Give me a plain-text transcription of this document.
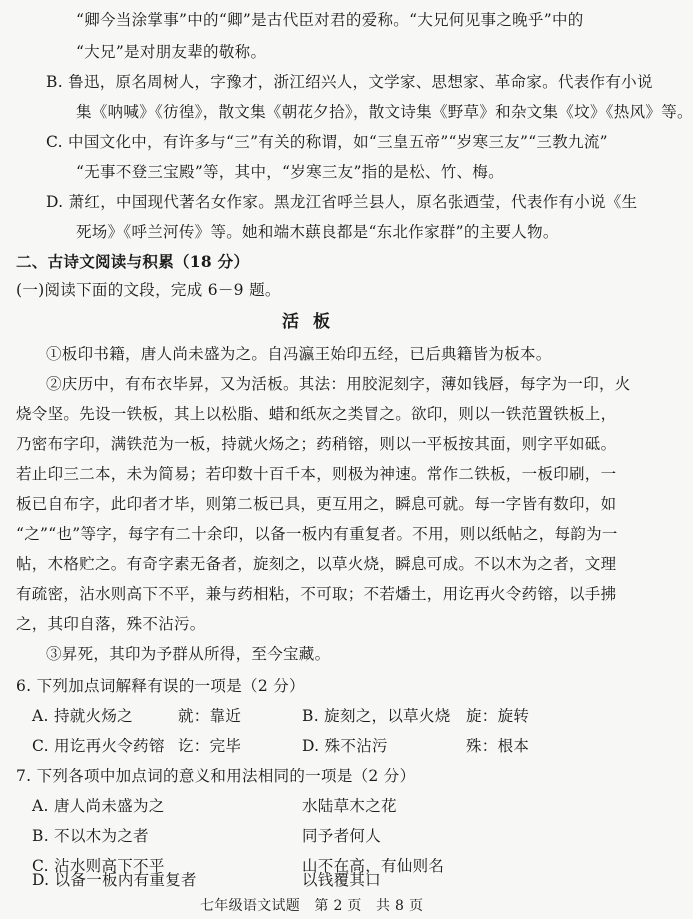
“卿今当涂掌事”中的“卿”是古代臣对君的爱称。“大兄何见事之晚乎”中的
“大兄”是对朋友辈的敬称。
B. 鲁迅，原名周树人，字豫才，浙江绍兴人，文学家、思想家、革命家。代表作有小说
集《呐喊》《彷徨》，散文集《朝花夕拾》，散文诗集《野草》和杂文集《坟》《热风》等。
C. 中国文化中，有许多与“三”有关的称谓，如“三皇五帝”“岁寒三友”“三教九流”
“无事不登三宝殿”等，其中，“岁寒三友”指的是松、竹、梅。
D. 萧红，中国现代著名女作家。黑龙江省呼兰县人，原名张迺莹，代表作有小说《生
死场》《呼兰河传》等。她和端木蕻良都是“东北作家群”的主要人物。
二、古诗文阅读与积累（18 分）
(一)阅读下面的文段，完成 6－9 题。
活板
①板印书籍，唐人尚未盛为之。自冯瀛王始印五经，已后典籍皆为板本。
②庆历中，有布衣毕昇，又为活板。其法：用胶泥刻字，薄如钱唇，每字为一印，火
烧令坚。先设一铁板，其上以松脂、蜡和纸灰之类冒之。欲印，则以一铁范置铁板上，
乃密布字印，满铁范为一板，持就火炀之；药稍镕，则以一平板按其面，则字平如砥。
若止印三二本，未为简易；若印数十百千本，则极为神速。常作二铁板，一板印刷，一
板已自布字，此印者才毕，则第二板已具，更互用之，瞬息可就。每一字皆有数印，如
“之”“也”等字，每字有二十余印，以备一板内有重复者。不用，则以纸帖之，每韵为一
帖，木格贮之。有奇字素无备者，旋刻之，以草火烧，瞬息可成。不以木为之者，文理
有疏密，沾水则高下不平，兼与药相粘，不可取；不若燔土，用讫再火令药镕，以手拂
之，其印自落，殊不沾污。
③昇死，其印为予群从所得，至今宝藏。
6. 下列加点词解释有误的一项是（2 分）
A. 持就火炀之	就：靠近	B. 旋刻之，以草火烧 旋：旋转
C. 用讫再火令药镕 讫：完毕	D. 殊不沾污	殊：根本
7. 下列各项中加点词的意义和用法相同的一项是（2 分）
A. 唐人尚未盛为之	水陆草木之花
B. 不以木为之者	同予者何人
C. 沾水则高下不平	山不在高，有仙则名
D. 以备一板内有重复者	以钱覆其口
七年级语文试题　第 2 页　共 8 页
